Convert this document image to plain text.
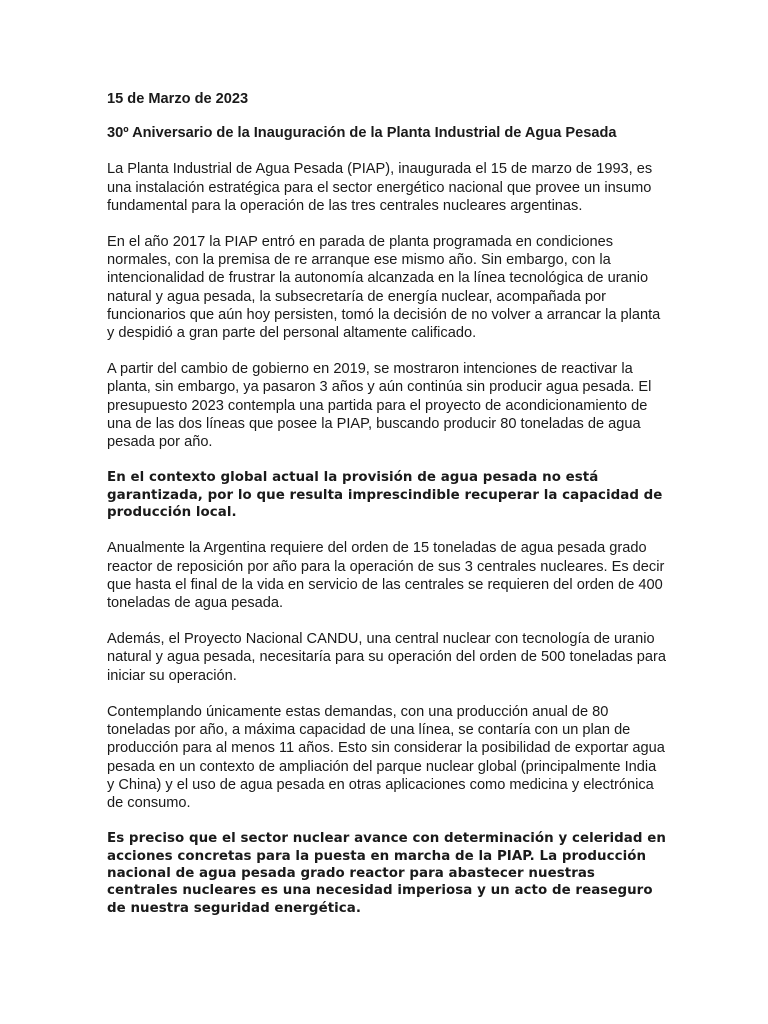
15 de Marzo de 2023

30º Aniversario de la Inauguración de la Planta Industrial de Agua Pesada

La Planta Industrial de Agua Pesada (PIAP), inaugurada el 15 de marzo de 1993, es una instalación estratégica para el sector energético nacional que provee un insumo fundamental para la operación de las tres centrales nucleares argentinas.

En el año 2017 la PIAP entró en parada de planta programada en condiciones normales, con la premisa de re arranque ese mismo año. Sin embargo, con la intencionalidad de frustrar la autonomía alcanzada en la línea tecnológica de uranio natural y agua pesada, la subsecretaría de energía nuclear, acompañada por funcionarios que aún hoy persisten, tomó la decisión de no volver a arrancar la planta y despidió a gran parte del personal altamente calificado.

A partir del cambio de gobierno en 2019, se mostraron intenciones de reactivar la planta, sin embargo, ya pasaron 3 años y aún continúa sin producir agua pesada. El presupuesto 2023 contempla una partida para el proyecto de acondicionamiento de una de las dos líneas que posee la PIAP, buscando producir 80 toneladas de agua pesada por año.

En el contexto global actual la provisión de agua pesada no está garantizada, por lo que resulta imprescindible recuperar la capacidad de producción local.

Anualmente la Argentina requiere del orden de 15 toneladas de agua pesada grado reactor de reposición por año para la operación de sus 3 centrales nucleares. Es decir que hasta el final de la vida en servicio de las centrales se requieren del orden de 400 toneladas de agua pesada.

Además, el Proyecto Nacional CANDU, una central nuclear con tecnología de uranio natural y agua pesada, necesitaría para su operación del orden de 500 toneladas para iniciar su operación.

Contemplando únicamente estas demandas, con una producción anual de 80 toneladas por año, a máxima capacidad de una línea, se contaría con un plan de producción para al menos 11 años. Esto sin considerar la posibilidad de exportar agua pesada en un contexto de ampliación del parque nuclear global (principalmente India y China) y el uso de agua pesada en otras aplicaciones como medicina y electrónica de consumo.

Es preciso que el sector nuclear avance con determinación y celeridad en acciones concretas para la puesta en marcha de la PIAP. La producción nacional de agua pesada grado reactor para abastecer nuestras centrales nucleares es una necesidad imperiosa y un acto de reaseguro de nuestra seguridad energética.
